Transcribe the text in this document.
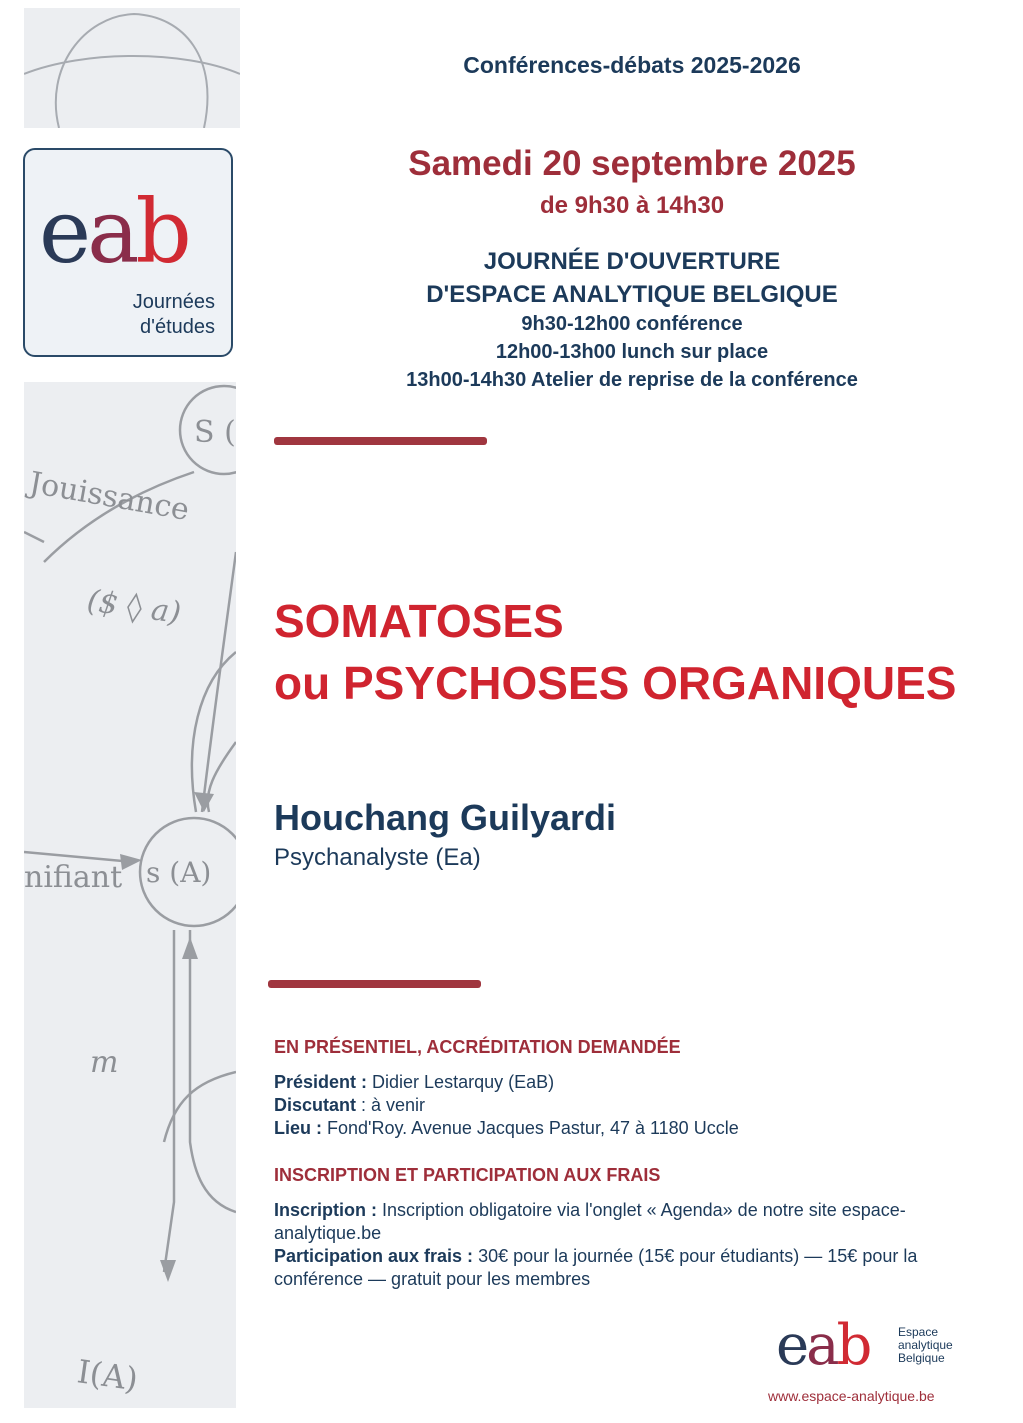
eab
Journées
d'études
S (
Jouissance
($ ◊ a)
nifiant s (A)
m
I(A)
Conférences-débats 2025-2026
Samedi 20 septembre 2025
de 9h30 à 14h30
JOURNÉE D'OUVERTURE
D'ESPACE ANALYTIQUE BELGIQUE
9h30-12h00 conférence
12h00-13h00 lunch sur place
13h00-14h30 Atelier de reprise de la conférence
SOMATOSES
ou PSYCHOSES ORGANIQUES
Houchang Guilyardi
Psychanalyste (Ea)
EN PRÉSENTIEL, ACCRÉDITATION DEMANDÉE
Président : Didier Lestarquy (EaB)
Discutant : à venir
Lieu : Fond'Roy. Avenue Jacques Pastur, 47 à 1180 Uccle
INSCRIPTION ET PARTICIPATION AUX FRAIS
Inscription : Inscription obligatoire via l'onglet « Agenda» de notre site espace-analytique.be
Participation aux frais : 30€ pour la journée (15€ pour étudiants) — 15€ pour la conférence — gratuit pour les membres
eab Espace
analytique
Belgique
www.espace-analytique.be
